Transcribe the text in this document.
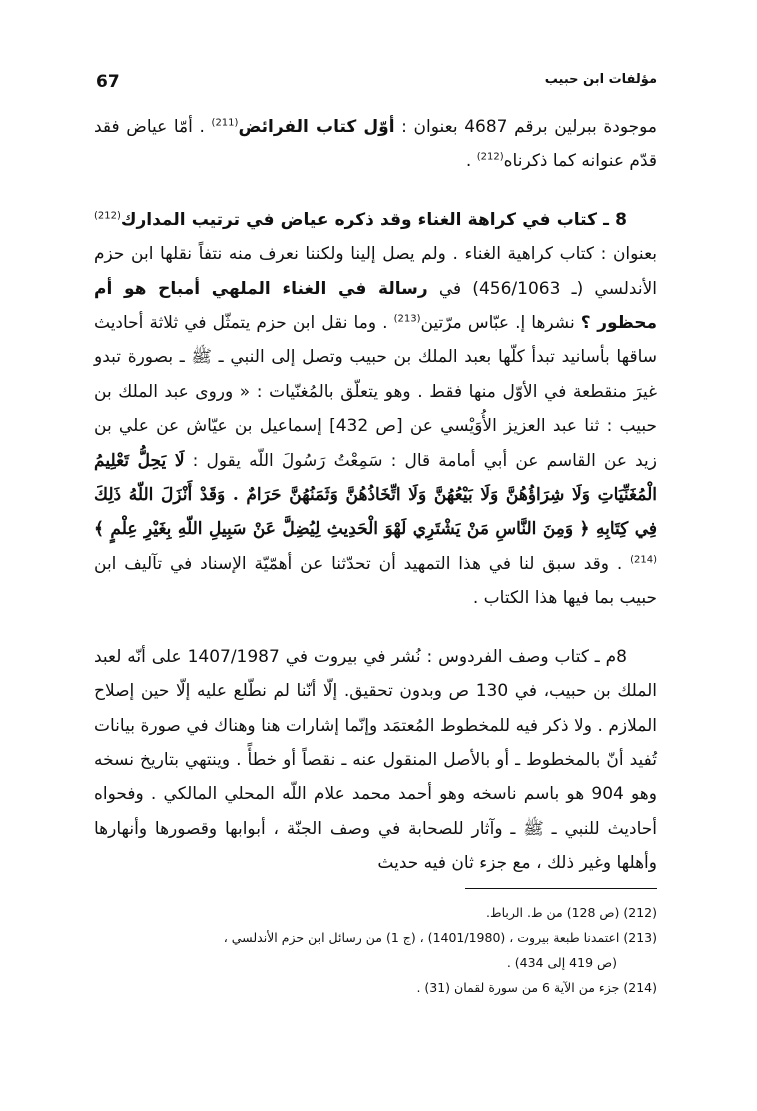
67	مؤلفات ابن حبيب

موجودة ببرلين برقم 4687 بعنوان : أوّل كتاب الفرائض$^{(211)}$ . أمّا عياض فقد قدّم عنوانه كما ذكرناه$^{(212)}$ .

8 ـ كتاب في كراهة الغناء وقد ذكره عياض في ترتيب المدارك$^{(212)}$ بعنوان : كتاب كراهية الغناء . ولم يصل إلينا ولكننا نعرف منه نتفاً نقلها ابن حزم الأندلسي (ـ 456/1063) في رسالة في الغناء الملهي أمباح هو أم محظور ؟ نشرها إ. عبّاس مرّتين$^{(213)}$ . وما نقل ابن حزم يتمثّل في ثلاثة أحاديث ساقها بأسانيد تبدأ كلّها بعبد الملك بن حبيب وتصل إلى النبي ـ ﷺ ـ بصورة تبدو غيرَ منقطعة في الأوّل منها فقط . وهو يتعلّق بالمُغنّيات : « وروى عبد الملك بن حبيب : ثنا عبد العزيز الأُوَيْسي عن [ص 432] إسماعيل بن عيّاش عن علي بن زيد عن القاسم عن أبي أمامة قال : سَمِعْتُ رَسُولَ اللّه يقول : لَا يَحِلُّ تَعْلِيمُ الْمُغَنِّيَاتِ وَلَا شِرَاؤُهُنَّ وَلَا بَيْعُهُنَّ وَلَا اتِّخَاذُهُنَّ وَثَمَنُهُنَّ حَرَامٌ . وَقَدْ أَنْزَلَ اللّهُ ذَلِكَ فِي كِتَابِهِ ﴿ وَمِنَ النَّاسِ مَنْ يَشْتَرِي لَهْوَ الْحَدِيثِ لِيُضِلَّ عَنْ سَبِيلِ اللّهِ بِغَيْرِ عِلْمٍ ﴾$^{(214)}$ . وقد سبق لنا في هذا التمهيد أن تحدّثنا عن أهمّيّة الإسناد في تآليف ابن حبيب بما فيها هذا الكتاب .

8م ـ كتاب وصف الفردوس : نُشر في بيروت في 1407/1987 على أنّه لعبد الملك بن حبيب، في 130 ص وبدون تحقيق. إلّا أنّنا لم نطّلع عليه إلّا حين إصلاح الملازم . ولا ذكر فيه للمخطوط المُعتمَد وإنّما إشارات هنا وهناك في صورة بيانات تُفيد أنّ بالمخطوط ـ أو بالأصل المنقول عنه ـ نقصاً أو خطأً . وينتهي بتاريخ نسخه وهو 904 هو باسم ناسخه وهو أحمد محمد علام اللّه المحلي المالكي . وفحواه أحاديث للنبي ـ ﷺ ـ وآثار للصحابة في وصف الجنّة ، أبوابها وقصورها وأنهارها وأهلها وغير ذلك ، مع جزء ثان فيه حديث

(212) (ص 128) من ط. الرباط.

(213) اعتمدنا طبعة بيروت ، (1401/1980) ، (ج 1) من رسائل ابن حزم الأندلسي ،
(ص 419 إلى 434) .

(214) جزء من الآية 6 من سورة لقمان (31) .
